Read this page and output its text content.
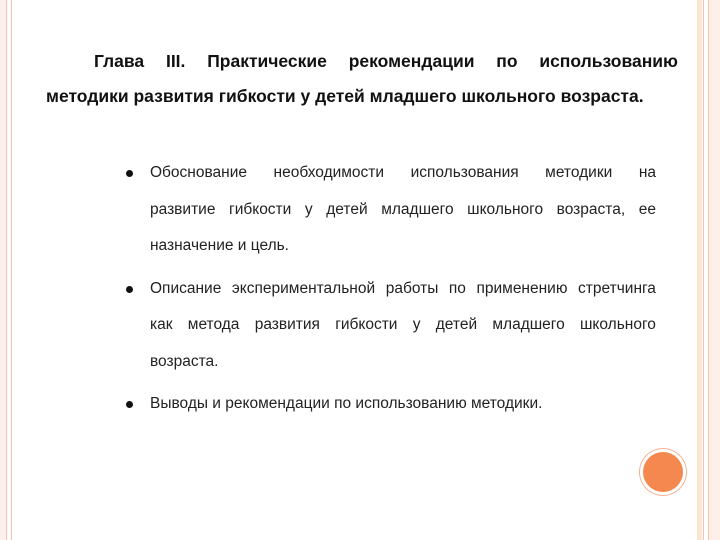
Глава III. Практические рекомендации по использованию
методики развития гибкости у детей младшего школьного возраста.
Обоснование необходимости использования методики на
развитие гибкости у детей младшего школьного возраста, ее
назначение и цель.
Описание экспериментальной работы по применению стретчинга
как метода развития гибкости у детей младшего школьного
возраста.
Выводы и рекомендации по использованию методики.
